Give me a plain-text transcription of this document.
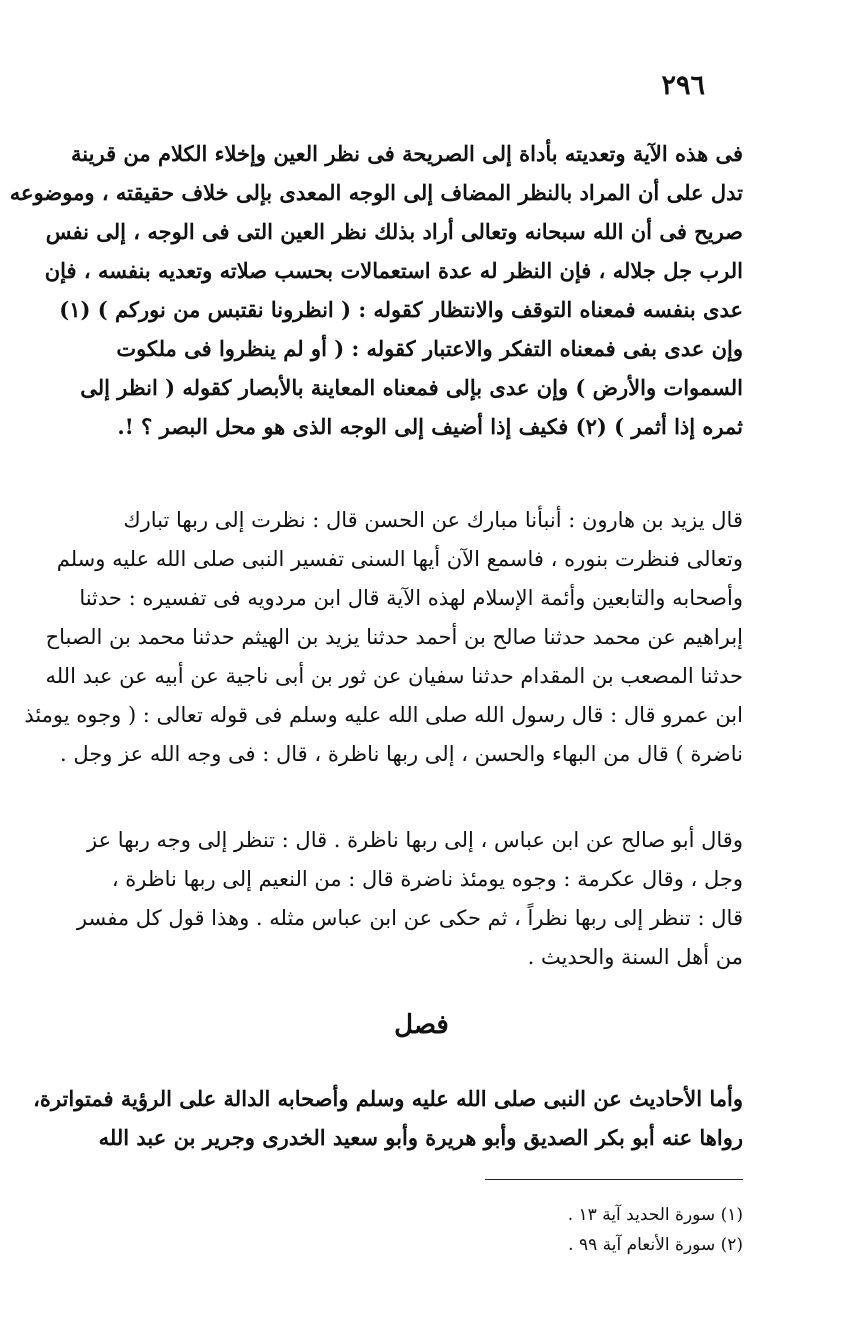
٢٩٦
فى هذه الآية وتعديته بأداة إلى الصريحة فى نظر العين وإخلاء الكلام من قرينة
تدل على أن المراد بالنظر المضاف إلى الوجه المعدى بإلى خلاف حقيقته ، وموضوعه
صريح فى أن الله سبحانه وتعالى أراد بذلك نظر العين التى فى الوجه ، إلى نفس
الرب جل جلاله ، فإن النظر له عدة استعمالات بحسب صلاته وتعديه بنفسه ، فإن
عدى بنفسه فمعناه التوقف والانتظار كقوله : ( انظرونا نقتبس من نوركم ) (١)
وإن عدى بفى فمعناه التفكر والاعتبار كقوله : ( أو لم ينظروا فى ملكوت
السموات والأرض ) وإن عدى بإلى فمعناه المعاينة بالأبصار كقوله ( انظر إلى
ثمره إذا أثمر ) (٢) فكيف إذا أضيف إلى الوجه الذى هو محل البصر ؟ !.
قال يزيد بن هارون : أنبأنا مبارك عن الحسن قال : نظرت إلى ربها تبارك
وتعالى فنظرت بنوره ، فاسمع الآن أيها السنى تفسير النبى صلى الله عليه وسلم
وأصحابه والتابعين وأئمة الإسلام لهذه الآية قال ابن مردويه فى تفسيره : حدثنا
إبراهيم عن محمد حدثنا صالح بن أحمد حدثنا يزيد بن الهيثم حدثنا محمد بن الصباح
حدثنا المصعب بن المقدام حدثنا سفيان عن ثور بن أبى ناجية عن أبيه عن عبد الله
ابن عمرو قال : قال رسول الله صلى الله عليه وسلم فى قوله تعالى : ( وجوه يومئذ
ناضرة ) قال من البهاء والحسن ، إلى ربها ناظرة ، قال : فى وجه الله عز وجل .
وقال أبو صالح عن ابن عباس ، إلى ربها ناظرة . قال : تنظر إلى وجه ربها عز
وجل ، وقال عكرمة : وجوه يومئذ ناضرة قال : من النعيم إلى ربها ناظرة ،
قال : تنظر إلى ربها نظراً ، ثم حكى عن ابن عباس مثله . وهذا قول كل مفسر
من أهل السنة والحديث .
فصل
وأما الأحاديث عن النبى صلى الله عليه وسلم وأصحابه الدالة على الرؤية فمتواترة،
رواها عنه أبو بكر الصديق وأبو هريرة وأبو سعيد الخدرى وجرير بن عبد الله
(١) سورة الحديد آية ١٣ .
(٢) سورة الأنعام آية ٩٩ .
